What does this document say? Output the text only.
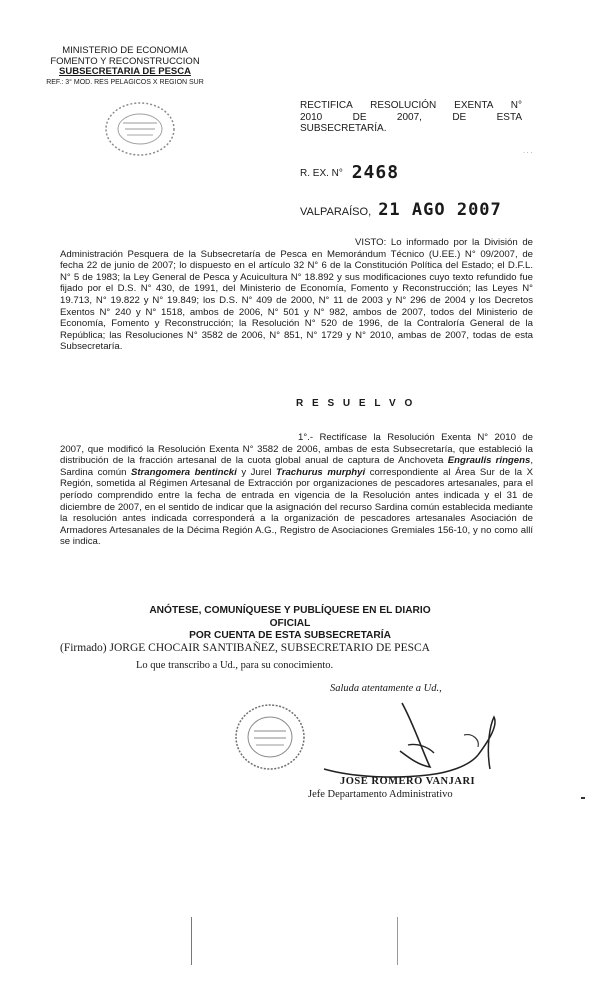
MINISTERIO DE ECONOMIA
FOMENTO Y RECONSTRUCCION
SUBSECRETARIA DE PESCA
REF.: 3° MOD. RES PELAGICOS X REGION SUR
RECTIFICA RESOLUCIÓN EXENTA N°
2010 DE 2007, DE ESTA
SUBSECRETARÍA.
· · ·
R. EX. N° 2468
VALPARAÍSO, 21 AGO 2007
VISTO: Lo informado por la División de Administración Pesquera de la Subsecretaría de Pesca en Memorándum Técnico (U.EE.) N° 09/2007, de fecha 22 de junio de 2007; lo dispuesto en el artículo 32 N° 6 de la Constitución Política del Estado; el D.F.L. N° 5 de 1983; la Ley General de Pesca y Acuicultura N° 18.892 y sus modificaciones cuyo texto refundido fue fijado por el D.S. N° 430, de 1991, del Ministerio de Economía, Fomento y Reconstrucción; las Leyes N° 19.713, N° 19.822 y N° 19.849; los D.S. N° 409 de 2000, N° 11 de 2003 y N° 296 de 2004 y los Decretos Exentos N° 240 y N° 1518, ambos de 2006, N° 501 y N° 982, ambos de 2007, todos del Ministerio de Economía, Fomento y Reconstrucción; la Resolución N° 520 de 1996, de la Contraloría General de la República; las Resoluciones N° 3582 de 2006, N° 851, N° 1729 y N° 2010, ambas de 2007, todas de esta Subsecretaría.
R E S U E L V O
1°.- Rectifícase la Resolución Exenta N° 2010 de 2007, que modificó la Resolución Exenta N° 3582 de 2006, ambas de esta Subsecretaría, que estableció la distribución de la fracción artesanal de la cuota global anual de captura de Anchoveta Engraulis ringens, Sardina común Strangomera bentincki y Jurel Trachurus murphyi correspondiente al Área Sur de la X Región, sometida al Régimen Artesanal de Extracción por organizaciones de pescadores artesanales, para el período comprendido entre la fecha de entrada en vigencia de la Resolución antes indicada y el 31 de diciembre de 2007, en el sentido de indicar que la asignación del recurso Sardina común establecida mediante la resolución antes indicada corresponderá a la organización de pescadores artesanales Asociación de Armadores Artesanales de la Décima Región A.G., Registro de Asociaciones Gremiales 156-10, y no como allí se indica.
ANÓTESE, COMUNÍQUESE Y PUBLÍQUESE EN EL DIARIO OFICIAL
POR CUENTA DE ESTA SUBSECRETARÍA
(Firmado) JORGE CHOCAIR SANTIBAÑEZ, SUBSECRETARIO DE PESCA
Lo que transcribo a Ud., para su conocimiento.
Saluda atentamente a Ud.,
JOSE ROMERO VANJARI
Jefe Departamento Administrativo
